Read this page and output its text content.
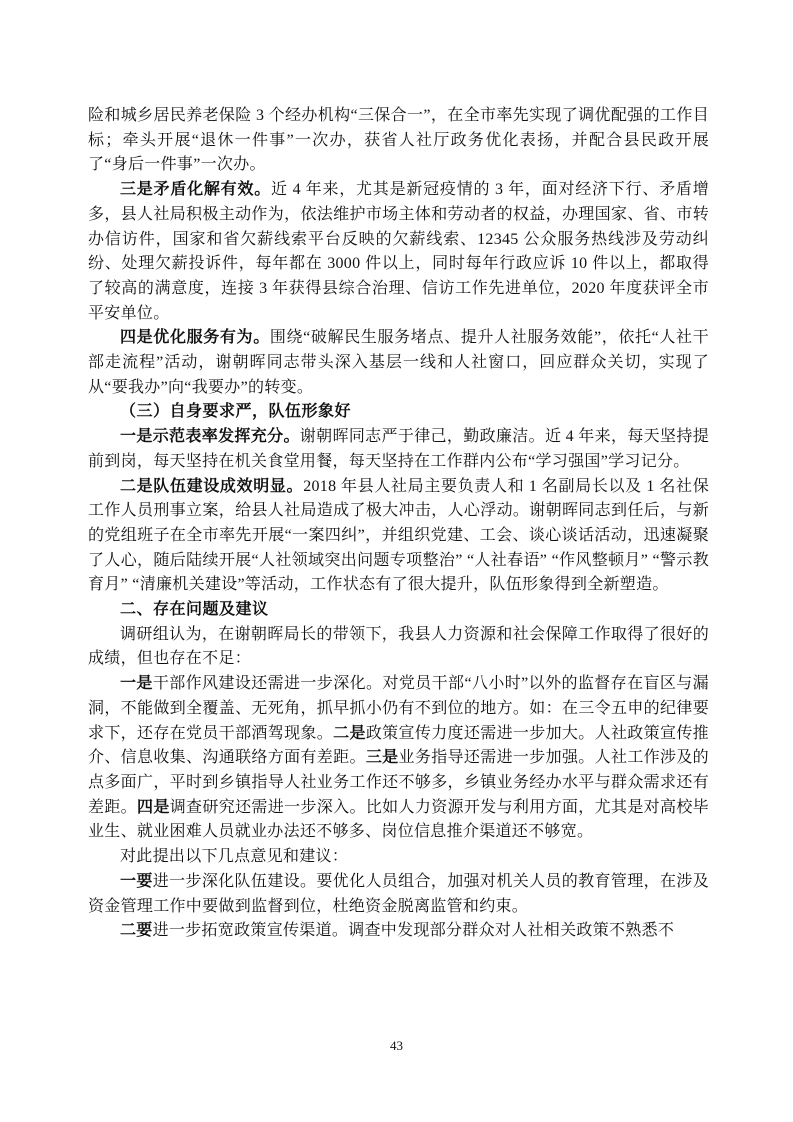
险和城乡居民养老保险 3 个经办机构“三保合一”，在全市率先实现了调优配强的工作目标；牵头开展“退休一件事”一次办，获省人社厅政务优化表扬，并配合县民政开展了“身后一件事”一次办。

三是矛盾化解有效。近 4 年来，尤其是新冠疫情的 3 年，面对经济下行、矛盾增多，县人社局积极主动作为，依法维护市场主体和劳动者的权益，办理国家、省、市转办信访件，国家和省欠薪线索平台反映的欠薪线索、12345 公众服务热线涉及劳动纠纷、处理欠薪投诉件，每年都在 3000 件以上，同时每年行政应诉 10 件以上，都取得了较高的满意度，连接 3 年获得县综合治理、信访工作先进单位，2020 年度获评全市平安单位。

四是优化服务有为。围绕“破解民生服务堵点、提升人社服务效能”，依托“人社干部走流程”活动，谢朝晖同志带头深入基层一线和人社窗口，回应群众关切，实现了从“要我办”向“我要办”的转变。

（三）自身要求严，队伍形象好

一是示范表率发挥充分。谢朝晖同志严于律己，勤政廉洁。近 4 年来，每天坚持提前到岗，每天坚持在机关食堂用餐，每天坚持在工作群内公布“学习强国”学习记分。

二是队伍建设成效明显。2018 年县人社局主要负责人和 1 名副局长以及 1 名社保工作人员刑事立案，给县人社局造成了极大冲击，人心浮动。谢朝晖同志到任后，与新的党组班子在全市率先开展“一案四纠”，并组织党建、工会、谈心谈话活动，迅速凝聚了人心，随后陆续开展“人社领域突出问题专项整治” “人社春语” “作风整顿月” “警示教育月” “清廉机关建设”等活动，工作状态有了很大提升，队伍形象得到全新塑造。

二、存在问题及建议

调研组认为，在谢朝晖局长的带领下，我县人力资源和社会保障工作取得了很好的成绩，但也存在不足：

一是干部作风建设还需进一步深化。对党员干部“八小时”以外的监督存在盲区与漏洞，不能做到全覆盖、无死角，抓早抓小仍有不到位的地方。如：在三令五申的纪律要求下，还存在党员干部酒驾现象。二是政策宣传力度还需进一步加大。人社政策宣传推介、信息收集、沟通联络方面有差距。三是业务指导还需进一步加强。人社工作涉及的点多面广，平时到乡镇指导人社业务工作还不够多，乡镇业务经办水平与群众需求还有差距。四是调查研究还需进一步深入。比如人力资源开发与利用方面，尤其是对高校毕业生、就业困难人员就业办法还不够多、岗位信息推介渠道还不够宽。

对此提出以下几点意见和建议：

一要进一步深化队伍建设。要优化人员组合，加强对机关人员的教育管理，在涉及资金管理工作中要做到监督到位，杜绝资金脱离监管和约束。

二要进一步拓宽政策宣传渠道。调查中发现部分群众对人社相关政策不熟悉不

43
